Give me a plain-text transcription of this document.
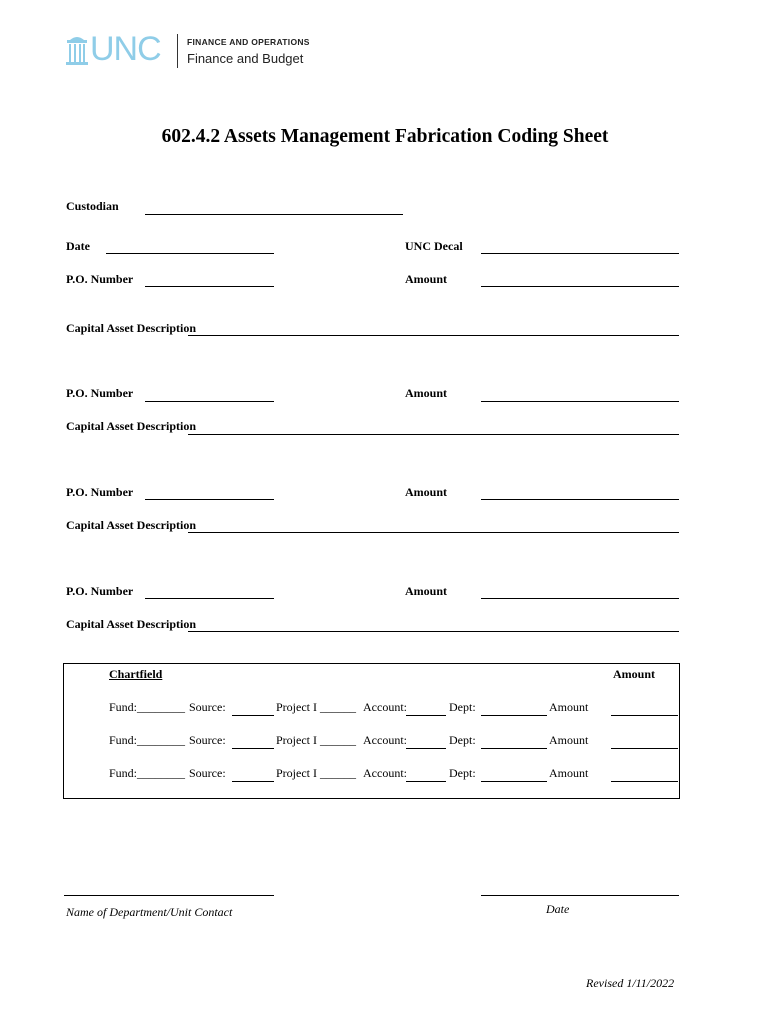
UNC	FINANCE AND OPERATIONS
Finance and Budget
602.4.2 Assets Management Fabrication Coding Sheet
Custodian
Date	UNC Decal
P.O. Number	Amount
Capital Asset Description
P.O. Number	Amount
Capital Asset Description
P.O. Number	Amount
Capital Asset Description
P.O. Number	Amount
Capital Asset Description
Chartfield	Amount
Fund:________ Source:	Project I ______ Account:	Dept:	Amount
Fund:________ Source:	Project I ______ Account:	Dept:	Amount
Fund:________ Source:	Project I ______ Account:	Dept:	Amount
Name of Department/Unit Contact	Date
Revised 1/11/2022
